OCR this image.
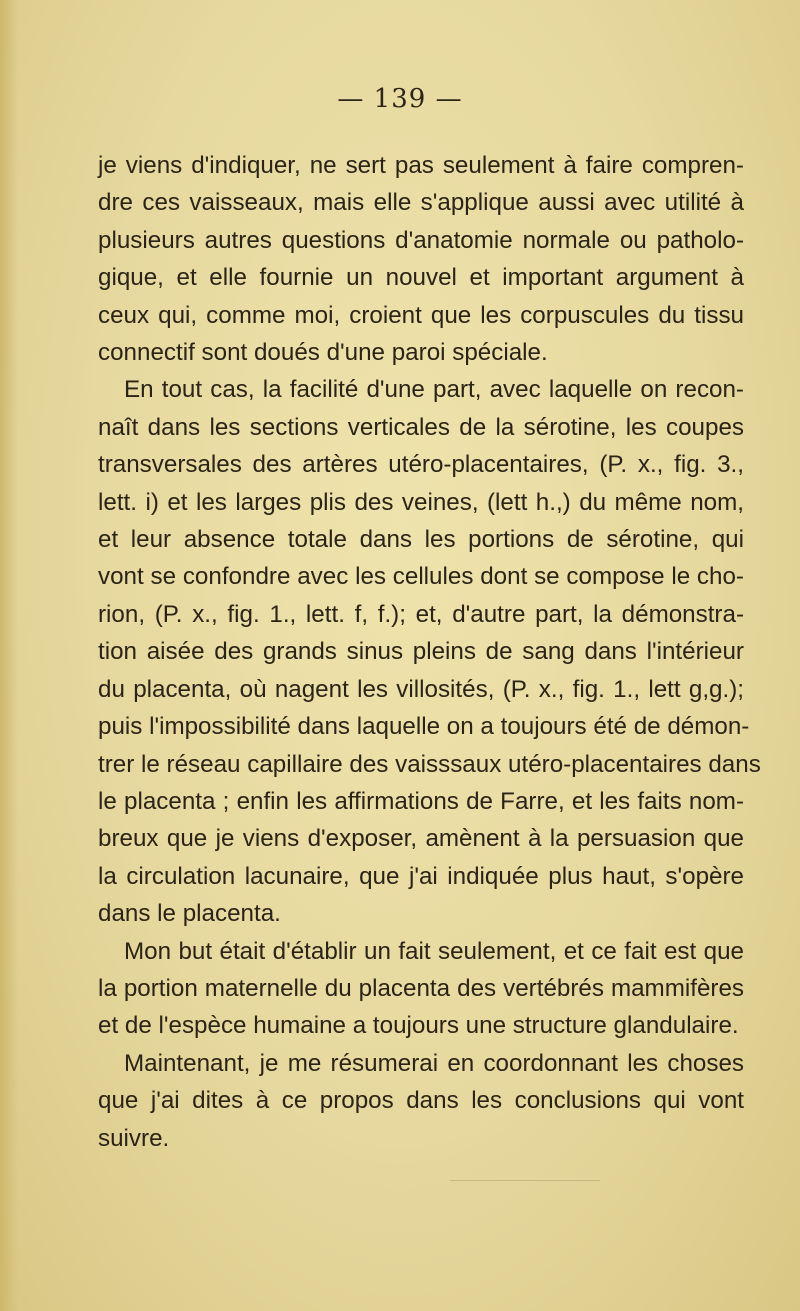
— 139 —
je viens d'indiquer, ne sert pas seulement à faire compren-
dre ces vaisseaux, mais elle s'applique aussi avec utilité à
plusieurs autres questions d'anatomie normale ou patholo-
gique, et elle fournie un nouvel et important argument à
ceux qui, comme moi, croient que les corpuscules du tissu
connectif sont doués d'une paroi spéciale.
En tout cas, la facilité d'une part, avec laquelle on recon-
naît dans les sections verticales de la sérotine, les coupes
transversales des artères utéro-placentaires, (P. x., fig. 3.,
lett. i) et les larges plis des veines, (lett h.,) du même nom,
et leur absence totale dans les portions de sérotine, qui
vont se confondre avec les cellules dont se compose le cho-
rion, (P. x., fig. 1., lett. f, f.); et, d'autre part, la démonstra-
tion aisée des grands sinus pleins de sang dans l'intérieur
du placenta, où nagent les villosités, (P. x., fig. 1., lett g,g.);
puis l'impossibilité dans laquelle on a toujours été de démon-
trer le réseau capillaire des vaisssaux utéro-placentaires dans
le placenta ; enfin les affirmations de Farre, et les faits nom-
breux que je viens d'exposer, amènent à la persuasion que
la circulation lacunaire, que j'ai indiquée plus haut, s'opère
dans le placenta.
Mon but était d'établir un fait seulement, et ce fait est que
la portion maternelle du placenta des vertébrés mammifères
et de l'espèce humaine a toujours une structure glandulaire.
Maintenant, je me résumerai en coordonnant les choses
que j'ai dites à ce propos dans les conclusions qui vont
suivre.
